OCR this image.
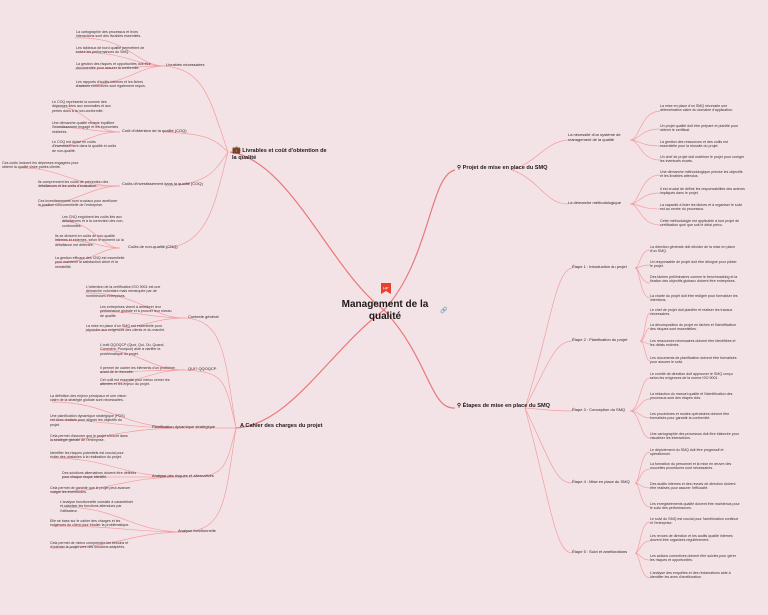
HP
Management de la qualité	🔗
💼 Livrables et coût d'obtention de la qualité
Livrables nécessaires
La cartographie des processus et leurs interactions sont des livrables essentiels.
Les tableaux de bord qualité permettent de suivre les performances du SMQ.
La gestion des risques et opportunités doit être documentée pour assurer la conformité.
Les rapports d'audits internes et les fiches d'actions correctives sont également requis.
Coût d'obtention de la qualité (COQ)
Le COQ représente la somme des dépenses liées aux anomalies et aux pertes dues à la non-conformité.
Une démarche qualité réussie équilibre l'investissement engagé et les économies réalisées.
Le COQ est divisé en coûts d'investissement dans la qualité et coûts de non-qualité.
Coûts d'investissement dans la qualité (COQ)
Ces coûts incluent les dépenses engagées pour obtenir la qualité visée parles clients.
Ils comprennent les coûts de prévention des défaillances et les coûts d'évaluation.
Ces investissements sont cruciaux pour améliorer la position concurrentielle de l'entreprise.
Coûts de non-qualité (CNQ)
Les CNQ englobent les coûts liés aux défaillances et à la correction des non-conformités.
Ils se divisent en coûts de non-qualité internes et externes, selon le moment où la défaillance est détectée.
La gestion efficace des CNQ est essentielle pour maintenir la satisfaction client et la rentabilité.
A Cahier des charges du projet
Contexte général
L'obtention de la certification ISO 9001 est une démarche volontaire mais remarquée par de nombreuses entreprises.
Les entreprises visent à améliorer leur performance globale et à prouver leur niveau de qualité.
La mise en place d'un SMQ est essentielle pour répondre aux exigences des clients et du marché.
QUI? QQOQCP
L'outil QQOQCP (Quoi, Qui, Où, Quand, Comment, Pourquoi) aide à clarifier la problématique du projet.
Il permet de cadrer les éléments d'un problème avant de le résoudre.
Cet outil est essentiel pour mieux cerner les attentes et les enjeux du projet.
Planification dynamique stratégique
La définition des enjeux principaux et une vision claire de la stratégie globale sont nécessaires.
Une planification dynamique stratégique (PDS) est donc réalisée pour aligner les objectifs du projet.
Cela permet d'assurer que le projet s'inscrit dans la stratégie globale de l'entreprise.
Analyse des risques et alternatives
Identifier les risques potentiels est crucial pour éviter des obstacles à la réalisation du projet.
Des solutions alternatives doivent être définies pour chaque risque identifié.
Cela permet de garantir que le projet peut avancer malgré les incertitudes.
Analyse fonctionnelle
L'analyse fonctionnelle consiste à caractériser et valoriser les fonctions attendues par l'utilisateur.
Elle se base sur le cahier des charges et les exigences du client pour étudier la problématique.
Cela permet de mieux comprendre les besoins et d'orienter le projet vers des solutions adaptées.
⚲ Projet de mise en place du SMQ
La nécessité d'un système de management de la qualité
La mise en place d'un SMQ nécessite une détermination claire du domaine d'application.
Un projet qualité doit être préparé et planifié pour obtenir le certificat.
La gestion des ressources et des outils est essentielle pour la réussite du projet.
Un chef de projet doit maîtriser le projet pour corriger les éventuels écarts.
La démarche méthodologique
Une démarche méthodologique précise les objectifs et les livrables attendus.
Il est crucial de définir les responsabilités des acteurs impliqués dans le projet.
La capacité à lister les tâches et à organiser le suivi est au centre du processus.
Cette méthodologie est applicable à tout projet de certification quel que soit le délai prévu.
⚲ Étapes de mise en place du SMQ
Étape 1 : Introduction du projet
La direction générale doit décider de la mise en place d'un SMQ.
Un responsable de projet doit être désigné pour piloter le projet.
Des tâches préliminaires comme le benchmarking et la fixation des objectifs globaux doivent être entreprises.
La charte du projet doit être rédigée pour formaliser les intentions.
Étape 2 : Planification du projet
Le chef de projet doit planifier et réaliser les travaux nécessaires.
La décomposition du projet en tâches et l'identification des risques sont essentielles.
Les ressources nécessaires doivent être identifiées et les délais estimés.
Les documents de planification doivent être formalisés pour assurer le suivi.
Étape 3 : Conception du SMQ
Le comité de direction doit approuver le SMQ conçu selon les exigences de la norme ISO 9001.
La rédaction du manuel qualité et l'identification des processus sont des étapes clés.
Les procédures et modes opératoires doivent être formalisés pour garantir la conformité.
Une cartographie des processus doit être élaborée pour visualiser les interactions.
Étape 4 : Mise en place du SMQ
Le déploiement du SMQ doit être progressif et opérationnel.
La formation du personnel et la mise en œuvre des nouvelles procédures sont nécessaires.
Des audits internes et des revues de direction doivent être réalisés pour assurer l'efficacité.
Les enregistrements qualité doivent être maintenus pour le suivi des performances.
Étape 5 : Suivi et améliorations
Le suivi du SMQ est crucial pour l'amélioration continue et l'entreprise.
Les revues de direction et les audits qualité internes doivent être organisés régulièrement.
Les actions correctives doivent être suivies pour gérer les risques et opportunités.
L'analyse des enquêtes et des réclamations aide à identifier les axes d'amélioration.
